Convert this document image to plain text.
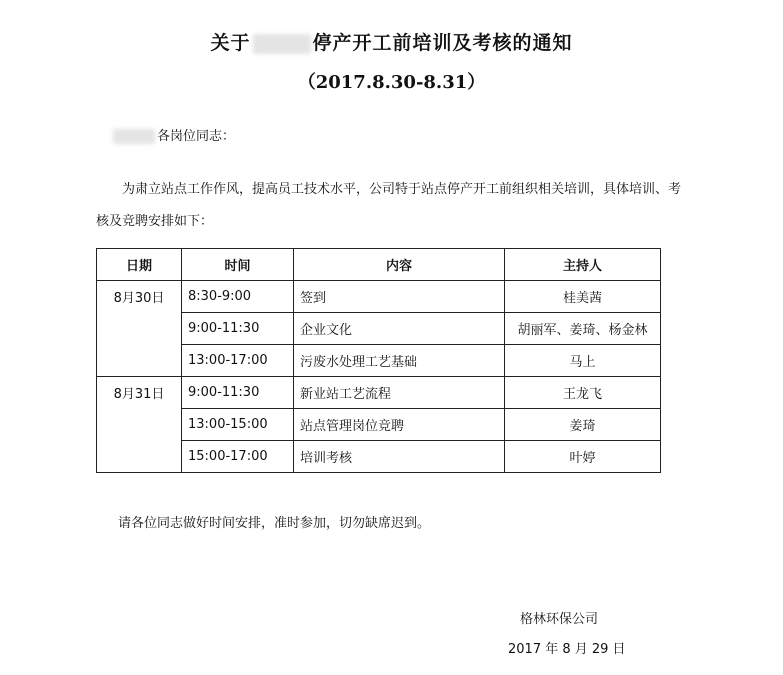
关于	停产开工前培训及考核的通知
（2017.8.30-8.31）
各岗位同志：
为肃立站点工作作风，提高员工技术水平，公司特于站点停产开工前组织相关培训，具体培训、考核及竞聘安排如下：
日期	时间	内容	主持人
8月30日	8:30-9:00	签到	桂美茜
	9:00-11:30	企业文化	胡丽军、姜琦、杨金林
	13:00-17:00	污废水处理工艺基础	马上
8月31日	9:00-11:30	新业站工艺流程	王龙飞
	13:00-15:00	站点管理岗位竞聘	姜琦
	15:00-17:00	培训考核	叶婷
请各位同志做好时间安排，准时参加，切勿缺席迟到。
格林环保公司
2017 年 8 月 29 日
